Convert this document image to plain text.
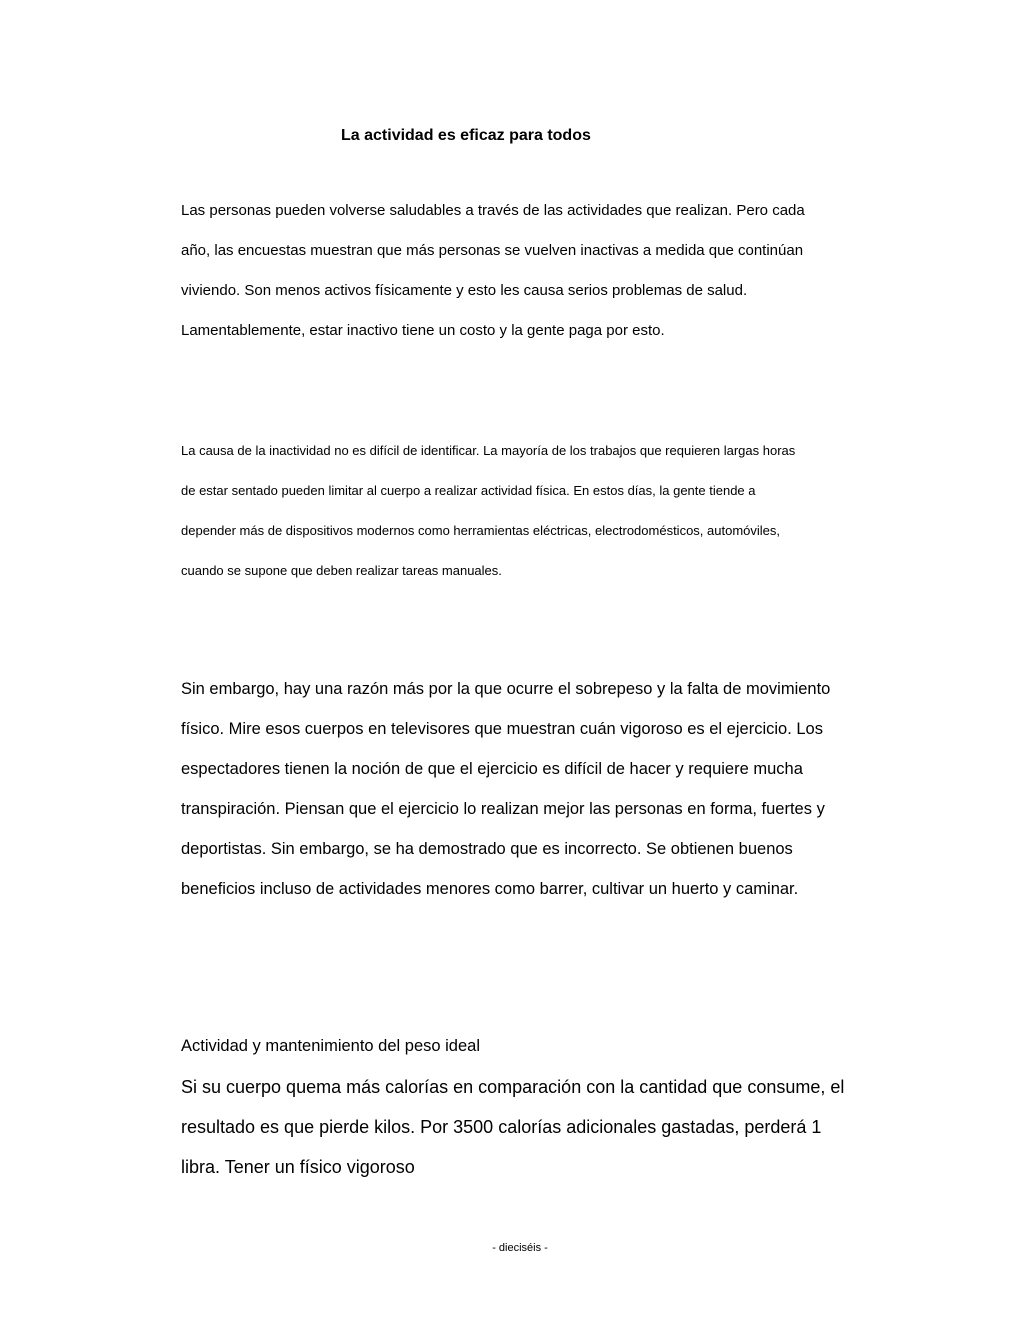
La actividad es eficaz para todos

Las personas pueden volverse saludables a través de las actividades que realizan. Pero cada
año, las encuestas muestran que más personas se vuelven inactivas a medida que continúan
viviendo. Son menos activos físicamente y esto les causa serios problemas de salud.
Lamentablemente, estar inactivo tiene un costo y la gente paga por esto.

La causa de la inactividad no es difícil de identificar. La mayoría de los trabajos que requieren largas horas
de estar sentado pueden limitar al cuerpo a realizar actividad física. En estos días, la gente tiende a
depender más de dispositivos modernos como herramientas eléctricas, electrodomésticos, automóviles,
cuando se supone que deben realizar tareas manuales.

Sin embargo, hay una razón más por la que ocurre el sobrepeso y la falta de movimiento
físico. Mire esos cuerpos en televisores que muestran cuán vigoroso es el ejercicio. Los
espectadores tienen la noción de que el ejercicio es difícil de hacer y requiere mucha
transpiración. Piensan que el ejercicio lo realizan mejor las personas en forma, fuertes y
deportistas. Sin embargo, se ha demostrado que es incorrecto. Se obtienen buenos
beneficios incluso de actividades menores como barrer, cultivar un huerto y caminar.

Actividad y mantenimiento del peso ideal

Si su cuerpo quema más calorías en comparación con la cantidad que consume, el
resultado es que pierde kilos. Por 3500 calorías adicionales gastadas, perderá 1
libra. Tener un físico vigoroso

- dieciséis -
